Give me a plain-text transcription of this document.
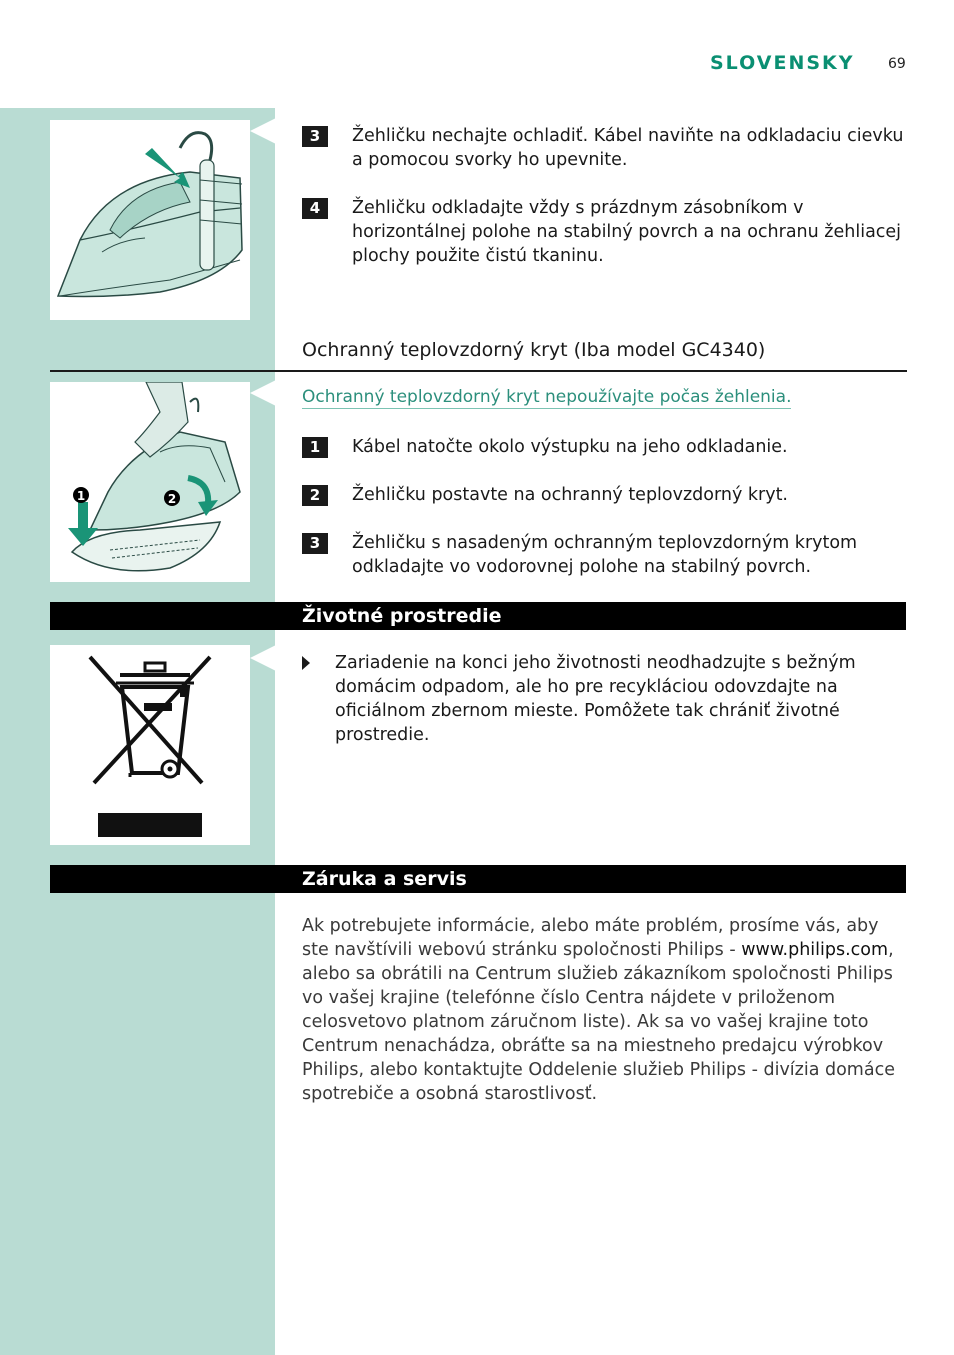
SLOVENSKY 69
3	Žehličku nechajte ochladiť. Kábel naviňte na odkladaciu cievku a pomocou svorky ho upevnite.
4	Žehličku odkladajte vždy s prázdnym zásobníkom v horizontálnej polohe na stabilný povrch a na ochranu žehliacej plochy použite čistú tkaninu.
Ochranný teplovzdorný kryt (Iba model GC4340)
1	2
Ochranný teplovzdorný kryt nepoužívajte počas žehlenia.
1	Kábel natočte okolo výstupku na jeho odkladanie.
2	Žehličku postavte na ochranný teplovzdorný kryt.
3	Žehličku s nasadeným ochranným teplovzdorným krytom odkladajte vo vodorovnej polohe na stabilný povrch.
Životné prostredie
Zariadenie na konci jeho životnosti neodhadzujte s bežným domácim odpadom, ale ho pre recykláciou odovzdajte na oficiálnom zbernom mieste. Pomôžete tak chrániť životné prostredie.
Záruka a servis
Ak potrebujete informácie, alebo máte problém, prosíme vás, aby ste navštívili webovú stránku spoločnosti Philips - www.philips.com, alebo sa obrátili na Centrum služieb zákazníkom spoločnosti Philips vo vašej krajine (telefónne číslo Centra nájdete v priloženom celosvetovo platnom záručnom liste). Ak sa vo vašej krajine toto Centrum nenachádza, obráťte sa na miestneho predajcu výrobkov Philips, alebo kontaktujte Oddelenie služieb Philips - divízia domáce spotrebiče a osobná starostlivosť.
